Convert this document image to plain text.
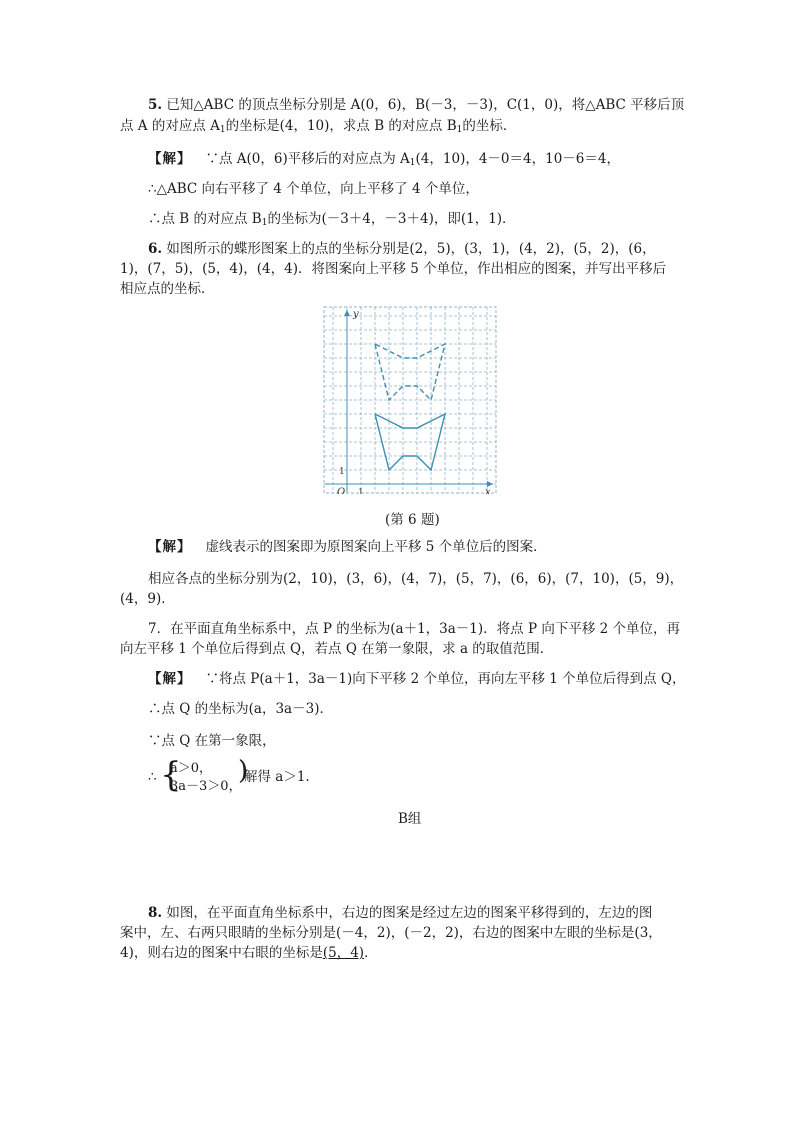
5. 已知△ABC 的顶点坐标分别是 A(0，6)，B(－3，－3)，C(1，0)，将△ABC 平移后顶
点 A 的对应点 $A_1$的坐标是(4，10)，求点 B 的对应点 $B_1$的坐标．
【解】 ∵点 A(0，6)平移后的对应点为 $A_1(4$，10)，4－0＝4，10－6＝4，
∴△ABC 向右平移了 4 个单位，向上平移了 4 个单位，
∴点 B 的对应点 $B_1$的坐标为(－3＋4，－3＋4)，即(1，1)．
6. 如图所示的蝶形图案上的点的坐标分别是(2，5)，(3，1)，(4，2)，(5，2)，(6，
1)，(7，5)，(5，4)，(4，4)．将图案向上平移 5 个单位，作出相应的图案，并写出平移后
相应点的坐标．
y
x
O 1
1
(第 6 题)
【解】 虚线表示的图案即为原图案向上平移 5 个单位后的图案．
相应各点的坐标分别为(2，10)，(3，6)，(4，7)，(5，7)，(6，6)，(7，10)，(5，9)，
(4，9)．
7．在平面直角坐标系中，点 P 的坐标为(a＋1，3a－1)．将点 P 向下平移 2 个单位，再
向左平移 1 个单位后得到点 Q，若点 Q 在第一象限，求 a 的取值范围．
【解】 ∵将点 P(a＋1，3a－1)向下平移 2 个单位，再向左平移 1 个单位后得到点 Q，
∴点 Q 的坐标为(a，3a－3)．
∵点 Q 在第一象限，
∴ {
a＞0，
3a－3＞0，
)
解得 a＞1.
B组
8. 如图，在平面直角坐标系中，右边的图案是经过左边的图案平移得到的，左边的图
案中，左、右两只眼睛的坐标分别是(－4，2)，(－2，2)，右边的图案中左眼的坐标是(3，
4)，则右边的图案中右眼的坐标是(5，4)．
